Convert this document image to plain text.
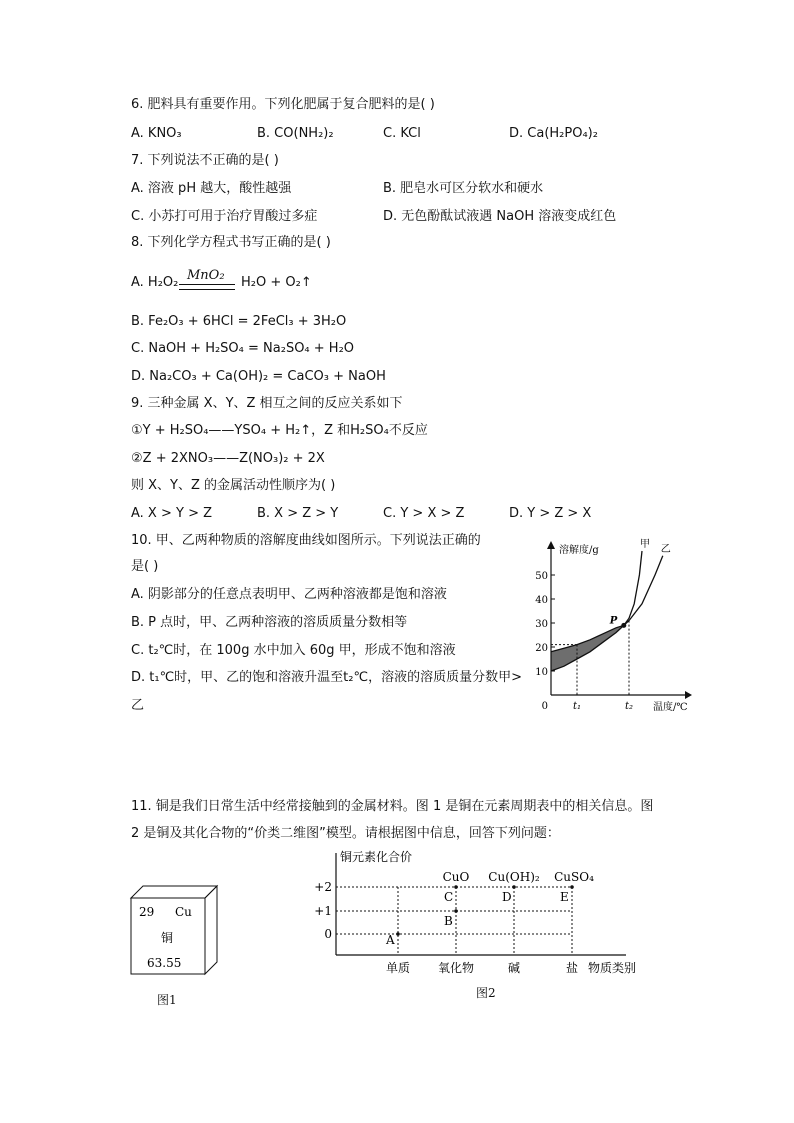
6. 肥料具有重要作用。下列化肥属于复合肥料的是( )
A. KNO₃	B. CO(NH₂)₂	C. KCl	D. Ca(H₂PO₄)₂
7. 下列说法不正确的是( )
A. 溶液 pH 越大，酸性越强	B. 肥皂水可区分软水和硬水
C. 小苏打可用于治疗胃酸过多症	D. 无色酚酞试液遇 NaOH 溶液变成红色
8. 下列化学方程式书写正确的是( )
A. H₂O₂ MnO₂ H₂O + O₂↑
B. Fe₂O₃ + 6HCl = 2FeCl₃ + 3H₂O
C. NaOH + H₂SO₄ = Na₂SO₄ + H₂O
D. Na₂CO₃ + Ca(OH)₂ = CaCO₃ + NaOH
9. 三种金属 X、Y、Z 相互之间的反应关系如下
①Y + H₂SO₄——YSO₄ + H₂↑，Z 和H₂SO₄不反应
②Z + 2XNO₃——Z(NO₃)₂ + 2X
则 X、Y、Z 的金属活动性顺序为( )
A. X > Y > Z	B. X > Z > Y	C. Y > X > Z	D. Y > Z > X
10. 甲、乙两种物质的溶解度曲线如图所示。下列说法正确的
是( )
A. 阴影部分的任意点表明甲、乙两种溶液都是饱和溶液
B. P 点时，甲、乙两种溶液的溶质质量分数相等
C. t₂℃时，在 100g 水中加入 60g 甲，形成不饱和溶液
D. t₁℃时，甲、乙的饱和溶液升温至t₂℃，溶液的溶质质量分数甲>
乙
10
20
30
40
50
0 t₁	t₂
甲 乙
P
溶解度/g
温度/℃
11. 铜是我们日常生活中经常接触到的金属材料。图 1 是铜在元素周期表中的相关信息。图
2 是铜及其化合物的“价类二维图”模型。请根据图中信息，回答下列问题：
29 Cu
铜
63.55
图1
0
+1
+2
单质 氧化物	碱	盐
A
B
C	D	E
CuO Cu(OH)₂ CuSO₄
铜元素化合价
物质类别
图2
